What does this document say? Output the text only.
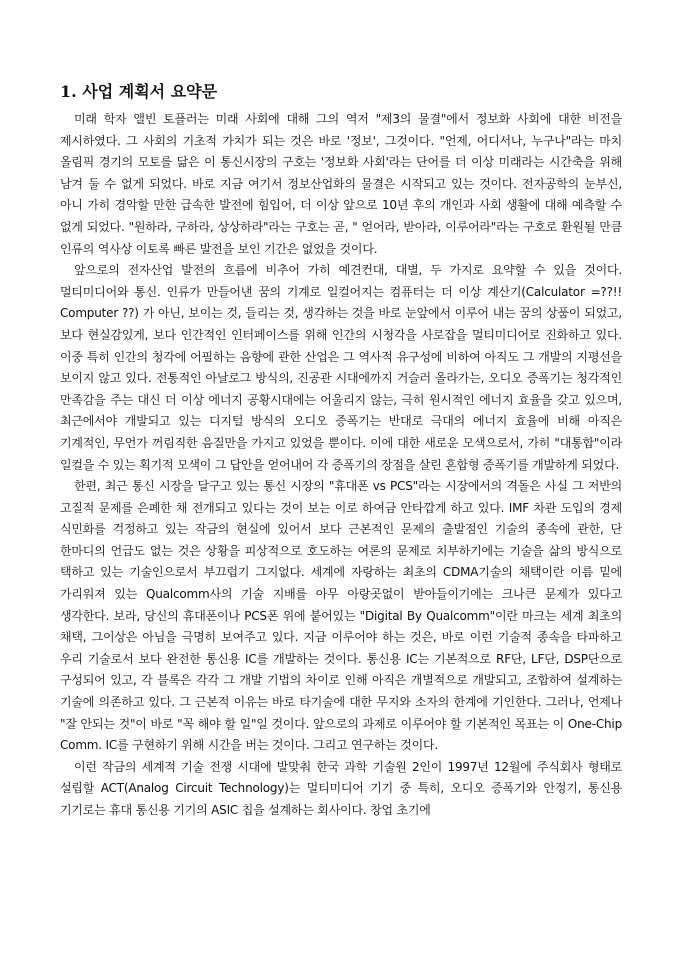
1. 사업 계획서 요약문

미래 학자 앨빈 토플러는 미래 사회에 대해 그의 역저 "제3의 물결"에서 정보화 사회에 대한 비전을 제시하였다. 그 사회의 기초적 가치가 되는 것은 바로 '정보', 그것이다. "언제, 어디서나, 누구나"라는 마치 올림픽 경기의 모토를 닮은 이 통신시장의 구호는 '정보화 사회'라는 단어를 더 이상 미래라는 시간축을 위해 남겨 둘 수 없게 되었다. 바로 지금 여기서 정보산업화의 물결은 시작되고 있는 것이다. 전자공학의 눈부신, 아니 가히 경악할 만한 급속한 발전에 힘입어, 더 이상 앞으로 10년 후의 개인과 사회 생활에 대해 예측할 수 없게 되었다. "원하라, 구하라, 상상하라"라는 구호는 곧, " 얻어라, 받아라, 이루어라"라는 구호로 환원될 만큼 인류의 역사상 이토록 빠른 발전을 보인 기간은 없었을 것이다.

앞으로의 전자산업 발전의 흐름에 비추어 가히 예견컨대, 대별, 두 가지로 요약할 수 있을 것이다. 멀티미디어와 통신. 인류가 만들어낸 꿈의 기계로 일컬어지는 컴퓨터는 더 이상 계산기(Calculator =??!! Computer ??) 가 아닌, 보이는 것, 들리는 것, 생각하는 것을 바로 눈앞에서 이루어 내는 꿈의 상품이 되었고, 보다 현실감있게, 보다 인간적인 인터페이스를 위해 인간의 시청각을 사로잡을 멀티미디어로 진화하고 있다. 이중 특히 인간의 청각에 어필하는 음향에 관한 산업은 그 역사적 유구성에 비하여 아직도 그 개발의 지평선을 보이지 않고 있다. 전통적인 아날로그 방식의, 진공관 시대에까지 거슬러 올라가는, 오디오 증폭기는 청각적인 만족감을 주는 대신 더 이상 에너지 공황시대에는 어울리지 않는, 극히 원시적인 에너지 효율을 갖고 있으며, 최근에서야 개발되고 있는 디지털 방식의 오디오 증폭기는 반대로 극대의 에너지 효율에 비해 아직은 기계적인, 무언가 꺼림직한 음질만을 가지고 있었을 뿐이다. 이에 대한 새로운 모색으로서, 가히 "대통합"이라 일컬을 수 있는 획기적 모색이 그 답안을 얻어내어 각 증폭기의 장점을 살린 혼합형 증폭기를 개발하게 되었다.

한편, 최근 통신 시장을 달구고 있는 통신 시장의 "휴대폰 vs PCS"라는 시장에서의 격돌은 사실 그 저반의 고질적 문제를 은폐한 채 전개되고 있다는 것이 보는 이로 하여금 안타깝게 하고 있다. IMF 차관 도입의 경제 식민화를 걱정하고 있는 작금의 현실에 있어서 보다 근본적인 문제의 출발점인 기술의 종속에 관한, 단 한마디의 언급도 없는 것은 상황을 피상적으로 호도하는 여론의 문제로 치부하기에는 기술을 삶의 방식으로 택하고 있는 기술인으로서 부끄럽기 그지없다. 세계에 자랑하는 최초의 CDMA기술의 채택이란 이름 밑에 가리워져 있는 Qualcomm사의 기술 지배를 아무 아랑곳없이 받아들이기에는 크나큰 문제가 있다고 생각한다. 보라, 당신의 휴대폰이나 PCS폰 위에 붙어있는 "Digital By Qualcomm"이란 마크는 세계 최초의 채택, 그이상은 아님을 극명히 보여주고 있다. 지금 이루어야 하는 것은, 바로 이런 기술적 종속을 타파하고 우리 기술로서 보다 완전한 통신용 IC를 개발하는 것이다. 통신용 IC는 기본적으로 RF단, LF단, DSP단으로 구성되어 있고, 각 블록은 각각 그 개발 기법의 차이로 인해 아직은 개별적으로 개발되고, 조합하여 설계하는 기술에 의존하고 있다. 그 근본적 이유는 바로 타기술에 대한 무지와 소자의 한계에 기인한다. 그러나, 언제나 "잘 안되는 것"이 바로 "꼭 해야 할 일"일 것이다. 앞으로의 과제로 이루어야 할 기본적인 목표는 이 One-Chip Comm. IC를 구현하기 위해 시간을 버는 것이다. 그리고 연구하는 것이다.

이런 작금의 세계적 기술 전쟁 시대에 발맞춰 한국 과학 기술원 2인이 1997년 12월에 주식회사 형태로 설립할 ACT(Analog Circuit Technology)는 멀티미디어 기기 중 특히, 오디오 증폭기와 안정기, 통신용 기기로는 휴대 통신용 기기의 ASIC 칩을 설계하는 회사이다. 창업 초기에
